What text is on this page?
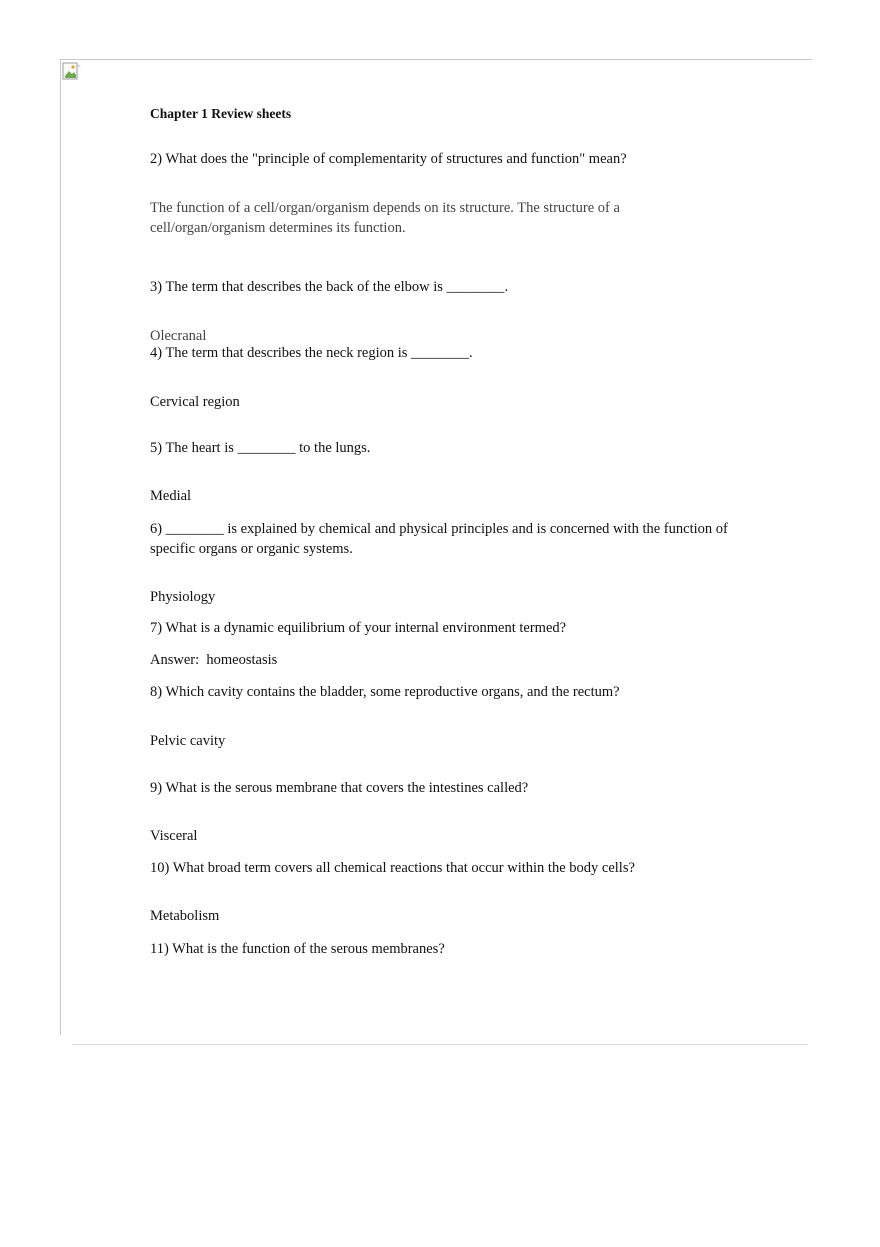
Chapter 1 Review sheets
2) What does the "principle of complementarity of structures and function" mean?
The function of a cell/organ/organism depends on its structure. The structure of a cell/organ/organism determines its function.
3) The term that describes the back of the elbow is ________.
Olecranal
4) The term that describes the neck region is ________.
Cervical region
5) The heart is ________ to the lungs.
Medial
6) ________ is explained by chemical and physical principles and is concerned with the function of specific organs or organic systems.
Physiology
7) What is a dynamic equilibrium of your internal environment termed?
Answer:  homeostasis
8) Which cavity contains the bladder, some reproductive organs, and the rectum?
Pelvic cavity
9) What is the serous membrane that covers the intestines called?
Visceral
10) What broad term covers all chemical reactions that occur within the body cells?
Metabolism
11) What is the function of the serous membranes?
